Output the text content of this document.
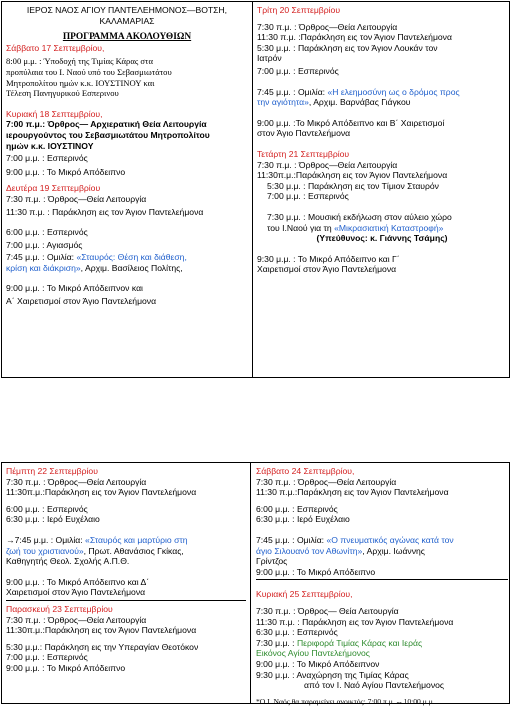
ΙΕΡΟΣ ΝΑΟΣ ΑΓΙΟΥ ΠΑΝΤΕΛΕΗΜΟΝΟΣ—ΒΟΤΣΗ,
ΚΑΛΑΜΑΡΙΑΣ
ΠΡΟΓΡΑΜΜΑ ΑΚΟΛΟΥΘΙΩΝ
Σάββατο 17 Σεπτεμβρίου,
8:00 μ.μ. : Ύποδοχή της Τιμίας Κάρας στα
προπύλαια του Ι. Ναού υπό του Σεβασμιωτάτου
Μητροπολίτου ημών κ.κ. ΙΟΥΣΤΙΝΟΥ και
Τέλεση Πανηγυρικού Εσπερινου
Κυριακή 18 Σεπτεμβρίου,
7:00 π.μ.: Όρθρος— Αρχιερατική Θεία Λειτουργία
ιερουργούντος του Σεβασμιωτάτου Μητροπολίτου
ημών κ.κ. ΙΟΥΣΤΙΝΟΥ
7:00 μ.μ. : Εσπερινός
9:00 μ.μ. : Το Μικρό Απόδειπνο
Δευτέρα 19 Σεπτεμβρίου
7:30 π.μ. : Όρθρος—Θεία Λειτουργία
11:30 π.μ. : Παράκληση εις τον Άγιον Παντελεήμονα
6:00 μ.μ. : Εσπερινός
7:00 μ.μ. : Αγιασμός
7:45 μ.μ. : Ομιλία: «Σταυρός: Θέση και διάθεση,
κρίση και διάκριση», Αρχιμ. Βασίλειος Πολίτης,
9:00 μ.μ. : Το Μικρό Απόδειπνον και
Α΄ Χαιρετισμοί στον Άγιο Παντελεήμονα
Τρίτη 20 Σεπτεμβρίου
7:30 π.μ. : Όρθρος—Θεία Λειτουργία
11:30 π.μ. :Παράκληση εις τον Άγιον Παντελεήμονα
5:30 μ.μ. : Παράκληση εις τον Άγιον Λουκάν τον
Ιατρόν
7:00 μ.μ. : Εσπερινός
7:45 μ.μ. : Ομιλία: «Η ελεημοσύνη ως ο δρόμος προς
την αγιότητα», Αρχιμ. Βαρνάβας Γιάγκου
9:00 μ.μ. :Το Μικρό Απόδειπνο και Β΄ Χαιρετισμοί
στον Άγιο Παντελεήμονα
Τετάρτη 21 Σεπτεμβρίου
7:30 π.μ. : Όρθρος—Θεία Λειτουργία
11:30π.μ.:Παράκληση εις τον Άγιον Παντελεήμονα
5:30 μ.μ. : Παράκληση εις τον Τίμιον Σταυρόν
7:00 μ.μ. : Εσπερινός
7:30 μ.μ. : Μουσική εκδήλωση στον αύλειο χώρο
του Ι.Ναού για τη «Μικρασιατική Καταστροφή»
(Υπεύθυνος: κ. Γιάννης Τσάμης)
9:30 μ.μ. : Το Μικρό Απόδειπνο και Γ΄
Χαιρετισμοί στον Άγιο Παντελεήμονα
Πέμπτη 22 Σεπτεμβρίου
7:30 π.μ. : Όρθρος—Θεία Λειτουργία
11:30π.μ.:Παράκληση εις τον Άγιον Παντελεήμονα
6:00 μ.μ. : Εσπερινός
6:30 μ.μ. : Ιερό Ευχέλαιο
→7:45 μ.μ. : Ομιλία: «Σταυρός και μαρτύριο στη
ζωή του χριστιανού», Πρωτ. Αθανάσιος Γκίκας,
Καθηγητής Θεολ. Σχολής Α.Π.Θ.
9:00 μ.μ. : Το Μικρό Απόδειπνο και Δ΄
Χαιρετισμοί στον Άγιο Παντελεήμονα
Παρασκευή 23 Σεπτεμβρίου
7:30 π.μ. : Όρθρος—Θεία Λειτουργία
11:30π.μ.:Παράκληση εις τον Άγιον Παντελεήμονα
5:30 μ.μ.: Παράκληση εις την Υπεραγίαν Θεοτόκον
7:00 μ.μ. : Εσπερινός
9:00 μ.μ. : Το Μικρό Απόδειπνο
Σάββατο 24 Σεπτεμβρίου,
7:30 π.μ. : Όρθρος—Θεία Λειτουργία
11:30 π.μ.:Παράκληση εις τον Άγιον Παντελεήμονα
6:00 μ.μ. : Εσπερινός
6:30 μ.μ. : Ιερό Ευχέλαιο
7:45 μ.μ. : Ομιλία: «Ο πνευματικός αγώνας κατά τον
άγιο Σιλουανό τον Αθωνίτη», Αρχιμ. Ιωάννης
Γρίντζος
9:00 μ.μ. : Το Μικρό Απόδειπνο
Κυριακή 25 Σεπτεμβρίου,
7:30 π.μ. : Όρθρος— Θεία Λειτουργία
11:30 π.μ. : Παράκληση εις τον Άγιον Παντελεήμονα
6:30 μ.μ. : Εσπερινός
7:30 μ.μ. : Περιφορά Τιμίας Κάρας και Ιεράς
Εικόνος Αγίου Παντελεήμονος
9:00 μ.μ. : Το Μικρό Απόδειπνον
9:30 μ.μ. : Αναχώρηση της Τιμίας Κάρας
από τον Ι. Ναό Αγίου Παντελεήμονος
*Ο Ι. Ναός θα παραμείνει ανοικτός: 7:00 π.μ. -- 10:00 μ.μ.
